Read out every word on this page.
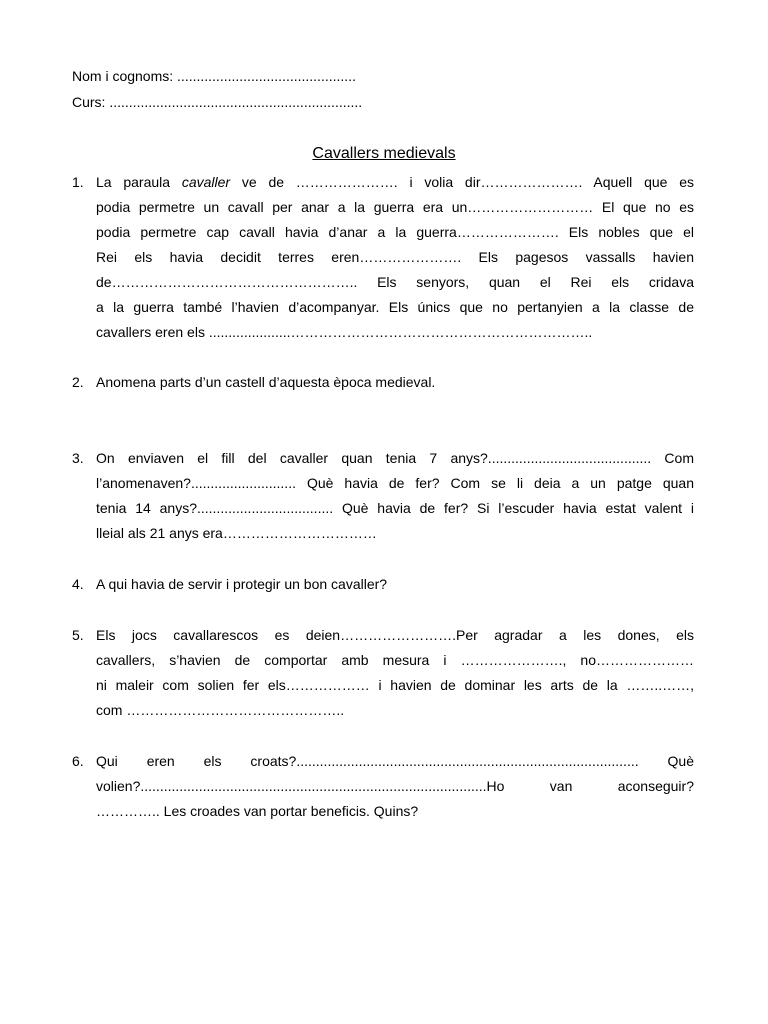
Nom i cognoms: ..............................................
Curs: .................................................................
Cavallers medievals
1. La paraula cavaller ve de …………………. i volia dir…………………. Aquell que es
podia permetre un cavall per anar a la guerra era un……………………… El que no es
podia permetre cap cavall havia d’anar a la guerra…………………. Els nobles que el
Rei els havia decidit terres eren…………………. Els pagesos vassalls havien
de…………………………………………….. Els senyors, quan el Rei els cridava
a la guerra també l’havien d’acompanyar. Els únics que no pertanyien a la classe de
cavallers eren els .....................………………………………………………………..
2. Anomena parts d’un castell d’aquesta època medieval.
3. On enviaven el fill del cavaller quan tenia 7 anys?.......................................... Com
l’anomenaven?........................... Què havia de fer? Com se li deia a un patge quan
tenia 14 anys?................................... Què havia de fer? Si l’escuder havia estat valent i
lleial als 21 anys era……………………………
4. A qui havia de servir i protegir un bon cavaller?
5. Els jocs cavallarescos es deien…………………….Per agradar a les dones, els
cavallers, s’havien de comportar amb mesura i …………………., no…………………
ni maleir com solien fer els……………… i havien de dominar les arts de la ……..……,
com ………………………………………..
6. Qui eren els croats?........................................................................................ Què
volien?.........................................................................................Ho van aconseguir?
………….. Les croades van portar beneficis. Quins?
